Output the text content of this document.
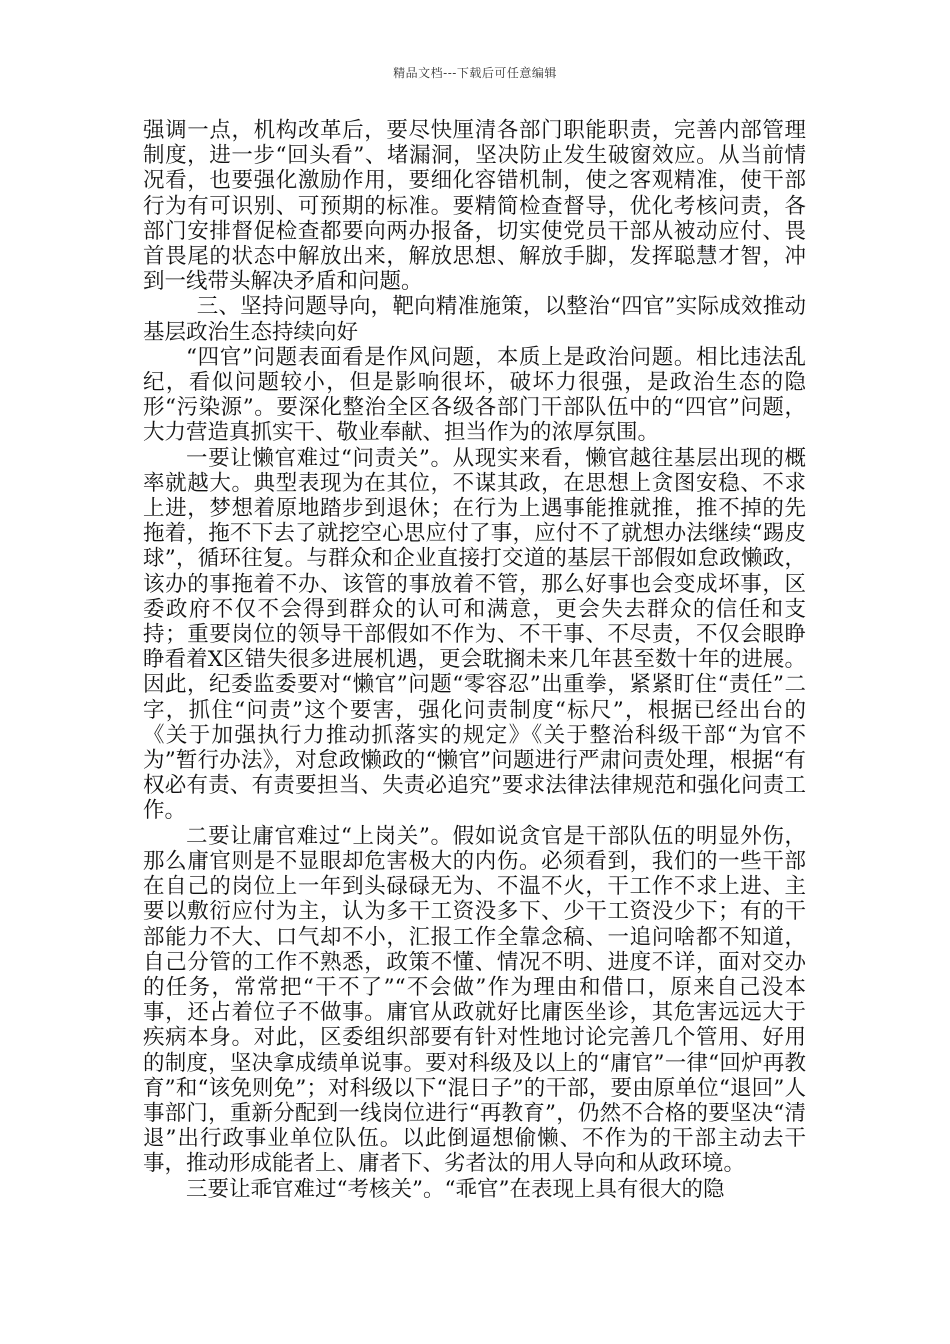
精品文档---下载后可任意编辑

强调一点，机构改革后，要尽快厘清各部门职能职责，完善内部管理制度，进一步“回头看”、堵漏洞，坚决防止发生破窗效应。从当前情况看，也要强化激励作用，要细化容错机制，使之客观精准，使干部行为有可识别、可预期的标准。要精简检查督导，优化考核问责，各部门安排督促检查都要向两办报备，切实使党员干部从被动应付、畏首畏尾的状态中解放出来，解放思想、解放手脚，发挥聪慧才智，冲到一线带头解决矛盾和问题。

三、坚持问题导向，靶向精准施策，以整治“四官”实际成效推动基层政治生态持续向好

“四官”问题表面看是作风问题，本质上是政治问题。相比违法乱纪，看似问题较小，但是影响很坏，破坏力很强，是政治生态的隐形“污染源”。要深化整治全区各级各部门干部队伍中的“四官”问题，大力营造真抓实干、敬业奉献、担当作为的浓厚氛围。

一要让懒官难过“问责关”。从现实来看，懒官越往基层出现的概率就越大。典型表现为在其位，不谋其政，在思想上贪图安稳、不求上进，梦想着原地踏步到退休；在行为上遇事能推就推，推不掉的先拖着，拖不下去了就挖空心思应付了事，应付不了就想办法继续“踢皮球”，循环往复。与群众和企业直接打交道的基层干部假如怠政懒政，该办的事拖着不办、该管的事放着不管，那么好事也会变成坏事，区委政府不仅不会得到群众的认可和满意，更会失去群众的信任和支持；重要岗位的领导干部假如不作为、不干事、不尽责，不仅会眼睁睁看着X区错失很多进展机遇，更会耽搁未来几年甚至数十年的进展。因此，纪委监委要对“懒官”问题“零容忍”出重拳，紧紧盯住“责任”二字，抓住“问责”这个要害，强化问责制度“标尺”，根据已经出台的《关于加强执行力推动抓落实的规定》《关于整治科级干部“为官不为”暂行办法》，对怠政懒政的“懒官”问题进行严肃问责处理，根据“有权必有责、有责要担当、失责必追究”要求法律法律规范和强化问责工作。

二要让庸官难过“上岗关”。假如说贪官是干部队伍的明显外伤，那么庸官则是不显眼却危害极大的内伤。必须看到，我们的一些干部在自己的岗位上一年到头碌碌无为、不温不火，干工作不求上进、主要以敷衍应付为主，认为多干工资没多下、少干工资没少下；有的干部能力不大、口气却不小，汇报工作全靠念稿、一追问啥都不知道，自己分管的工作不熟悉，政策不懂、情况不明、进度不详，面对交办的任务，常常把“干不了”“不会做”作为理由和借口，原来自己没本事，还占着位子不做事。庸官从政就好比庸医坐诊，其危害远远大于疾病本身。对此，区委组织部要有针对性地讨论完善几个管用、好用的制度，坚决拿成绩单说事。要对科级及以上的“庸官”一律“回炉再教育”和“该免则免”；对科级以下“混日子”的干部，要由原单位“退回”人事部门，重新分配到一线岗位进行“再教育”，仍然不合格的要坚决“清退”出行政事业单位队伍。以此倒逼想偷懒、不作为的干部主动去干事，推动形成能者上、庸者下、劣者汰的用人导向和从政环境。

三要让乖官难过“考核关”。“乖官”在表现上具有很大的隐
